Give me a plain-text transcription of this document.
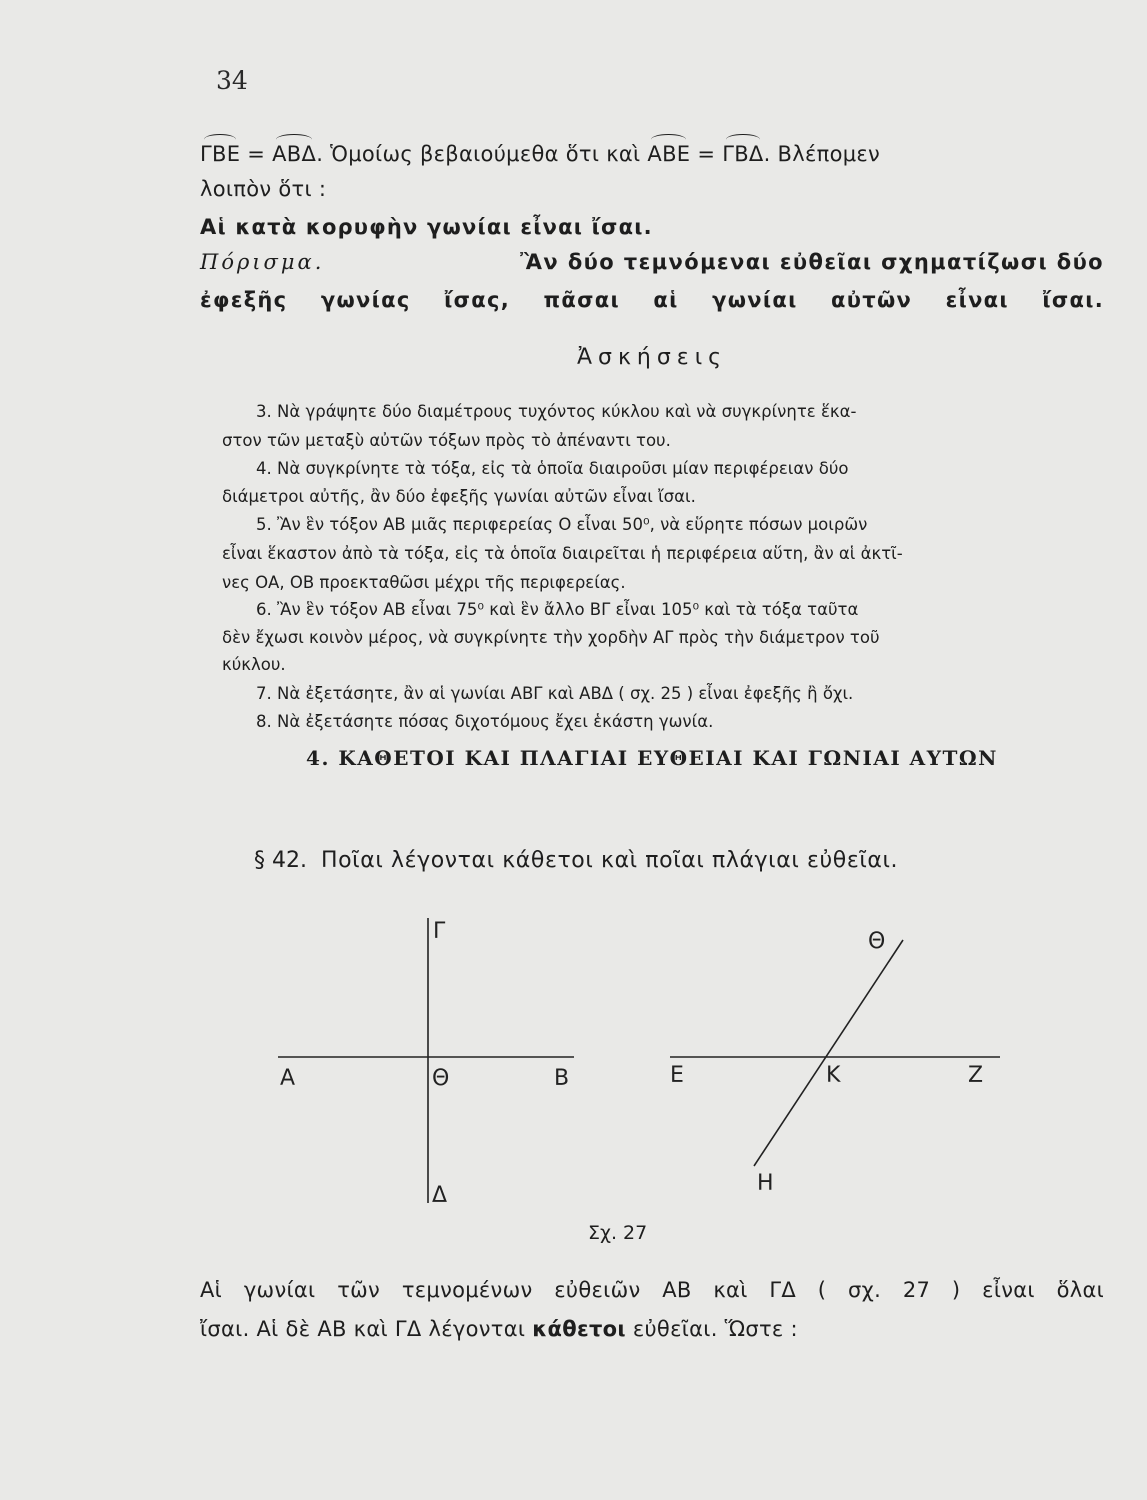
34
ΓΒΕ = ΑΒΔ. Ὁμοίως βεβαιούμεθα ὅτι καὶ ΑΒΕ = ΓΒΔ. Βλέπομεν
λοιπὸν ὅτι :
Αἱ κατὰ κορυφὴν γωνίαι εἶναι ἴσαι.
Πόρισμα.	Ἂν δύο τεμνόμεναι εὐθεῖαι σχηματίζωσι δύο
ἐφεξῆς γωνίας ἴσας, πᾶσαι αἱ γωνίαι αὐτῶν εἶναι ἴσαι.
Ἀσκήσεις
3. Νὰ γράψητε δύο διαμέτρους τυχόντος κύκλου καὶ νὰ συγκρίνητε ἕκα-
στον τῶν μεταξὺ αὐτῶν τόξων πρὸς τὸ ἀπέναντι του.
4. Νὰ συγκρίνητε τὰ τόξα, εἰς τὰ ὁποῖα διαιροῦσι μίαν περιφέρειαν δύο
διάμετροι αὐτῆς, ἂν δύο ἐφεξῆς γωνίαι αὐτῶν εἶναι ἴσαι.
5. Ἂν ἓν τόξον ΑΒ μιᾶς περιφερείας Ο εἶναι 50⁰, νὰ εὕρητε πόσων μοιρῶν
εἶναι ἕκαστον ἀπὸ τὰ τόξα, εἰς τὰ ὁποῖα διαιρεῖται ἡ περιφέρεια αὕτη, ἂν αἱ ἀκτῖ-
νες ΟΑ, ΟΒ προεκταθῶσι μέχρι τῆς περιφερείας.
6. Ἂν ἓν τόξον ΑΒ εἶναι 75⁰ καὶ ἓν ἄλλο ΒΓ εἶναι 105⁰ καὶ τὰ τόξα ταῦτα
δὲν ἔχωσι κοινὸν μέρος, νὰ συγκρίνητε τὴν χορδὴν ΑΓ πρὸς τὴν διάμετρον τοῦ
κύκλου.
7. Νὰ ἐξετάσητε, ἂν αἱ γωνίαι ΑΒΓ καὶ ΑΒΔ ( σχ. 25 ) εἶναι ἐφεξῆς ἢ ὄχι.
8. Νὰ ἐξετάσητε πόσας διχοτόμους ἔχει ἑκάστη γωνία.
4. ΚΑΘΕΤΟΙ ΚΑΙ ΠΛΑΓΙΑΙ ΕΥΘΕΙΑΙ ΚΑΙ ΓΩΝΙΑΙ ΑΥΤΩΝ
§ 42. Ποῖαι λέγονται κάθετοι καὶ ποῖαι πλάγιαι εὐθεῖαι.
Γ
Α	Θ	Β
Δ
Θ
Ε	Κ	Ζ
Η
Σχ. 27
Αἱ γωνίαι τῶν τεμνομένων εὐθειῶν ΑΒ καὶ ΓΔ ( σχ. 27 ) εἶναι ὅλαι
ἴσαι. Αἱ δὲ ΑΒ καὶ ΓΔ λέγονται κάθετοι εὐθεῖαι. Ὥστε :
